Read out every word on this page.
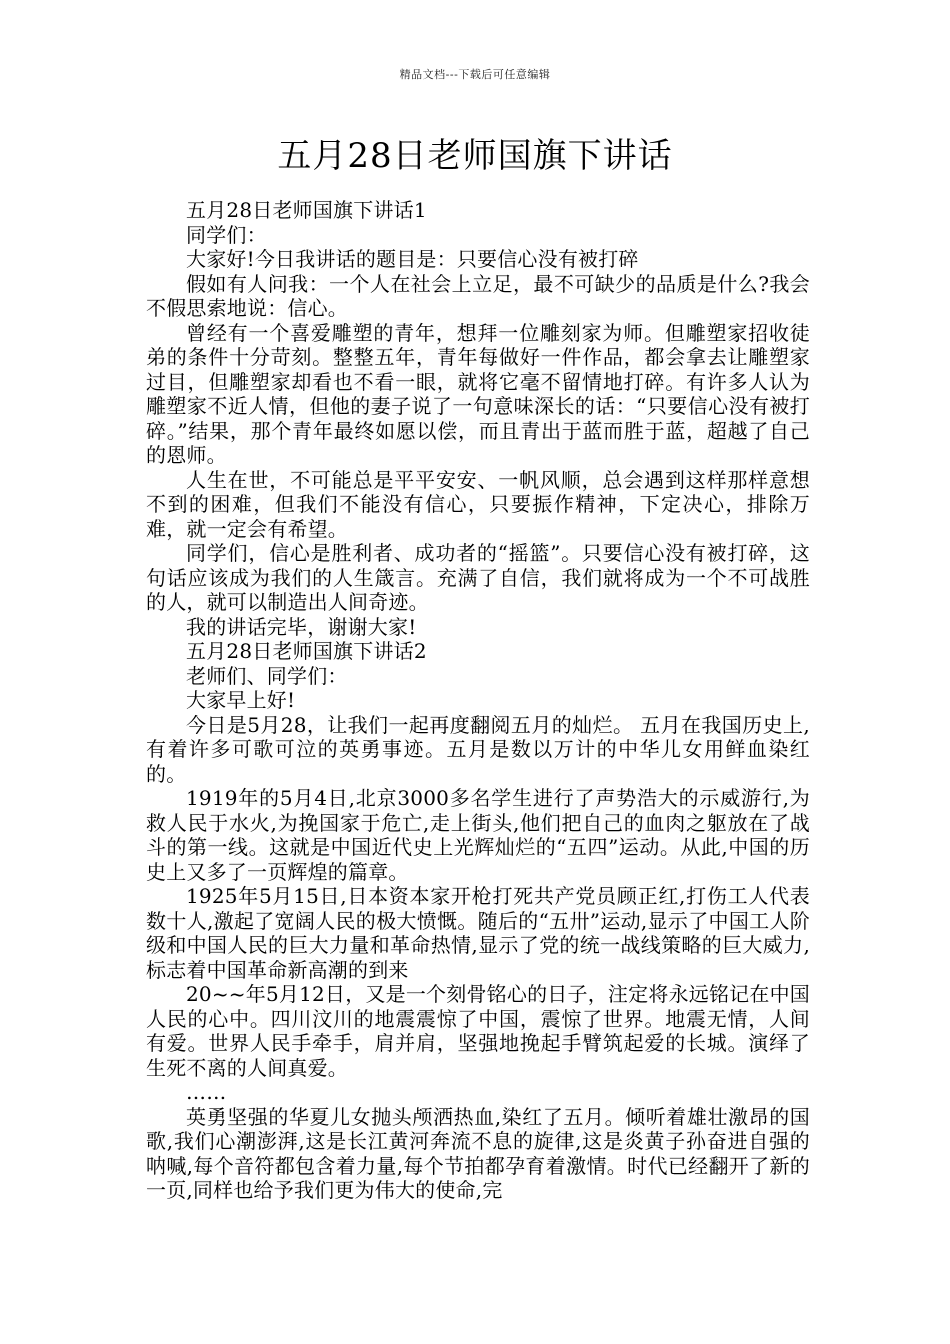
精品文档---下载后可任意编辑
五月28日老师国旗下讲话

五月28日老师国旗下讲话1

同学们：

大家好!今日我讲话的题目是：只要信心没有被打碎

假如有人问我：一个人在社会上立足，最不可缺少的品质是什么?我会不假思索地说：信心。

曾经有一个喜爱雕塑的青年，想拜一位雕刻家为师。但雕塑家招收徒弟的条件十分苛刻。整整五年，青年每做好一件作品，都会拿去让雕塑家过目，但雕塑家却看也不看一眼，就将它毫不留情地打碎。有许多人认为雕塑家不近人情，但他的妻子说了一句意味深长的话：“只要信心没有被打碎。”结果，那个青年最终如愿以偿，而且青出于蓝而胜于蓝，超越了自己的恩师。

人生在世，不可能总是平平安安、一帆风顺，总会遇到这样那样意想不到的困难，但我们不能没有信心，只要振作精神，下定决心，排除万难，就一定会有希望。

同学们，信心是胜利者、成功者的“摇篮”。只要信心没有被打碎，这句话应该成为我们的人生箴言。充满了自信，我们就将成为一个不可战胜的人，就可以制造出人间奇迹。

我的讲话完毕，谢谢大家!

五月28日老师国旗下讲话2

老师们、同学们：

大家早上好!

今日是5月28，让我们一起再度翻阅五月的灿烂。 五月在我国历史上,有着许多可歌可泣的英勇事迹。五月是数以万计的中华儿女用鲜血染红的。

1919年的5月4日,北京3000多名学生进行了声势浩大的示威游行,为救人民于水火,为挽国家于危亡,走上街头,他们把自己的血肉之躯放在了战斗的第一线。这就是中国近代史上光辉灿烂的“五四”运动。从此,中国的历史上又多了一页辉煌的篇章。

1925年5月15日,日本资本家开枪打死共产党员顾正红,打伤工人代表数十人,激起了宽阔人民的极大愤慨。随后的“五卅”运动,显示了中国工人阶级和中国人民的巨大力量和革命热情,显示了党的统一战线策略的巨大威力,标志着中国革命新高潮的到来

20~~年5月12日，又是一个刻骨铭心的日子，注定将永远铭记在中国人民的心中。四川汶川的地震震惊了中国，震惊了世界。地震无情，人间有爱。世界人民手牵手，肩并肩，坚强地挽起手臂筑起爱的长城。演绎了生死不离的人间真爱。

……

英勇坚强的华夏儿女抛头颅洒热血,染红了五月。倾听着雄壮激昂的国歌,我们心潮澎湃,这是长江黄河奔流不息的旋律,这是炎黄子孙奋进自强的呐喊,每个音符都包含着力量,每个节拍都孕育着激情。时代已经翻开了新的一页,同样也给予我们更为伟大的使命,完
